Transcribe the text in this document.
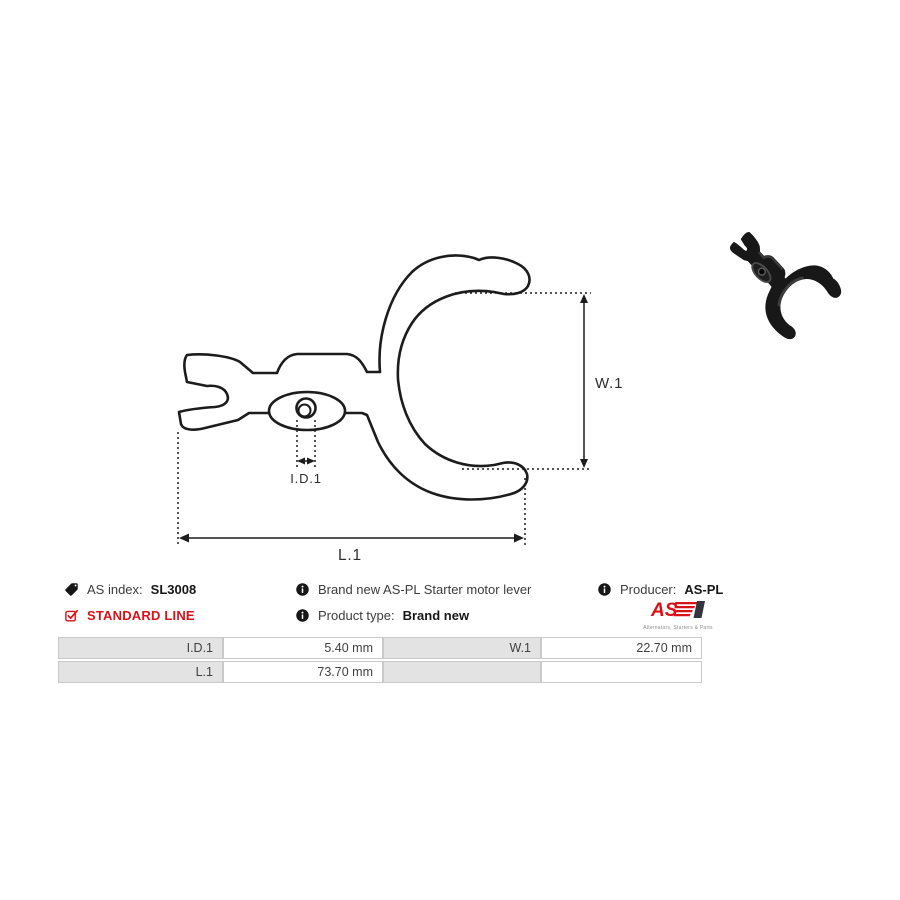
W.1
I.D.1
L.1
AS index: SL3008
STANDARD LINE
Brand new AS-PL Starter motor lever
Product type: Brand new
Producer: AS-PL
AS
Alternators, Starters & Parts
I.D.1	5.40 mm	W.1	22.70 mm
L.1	73.70 mm
